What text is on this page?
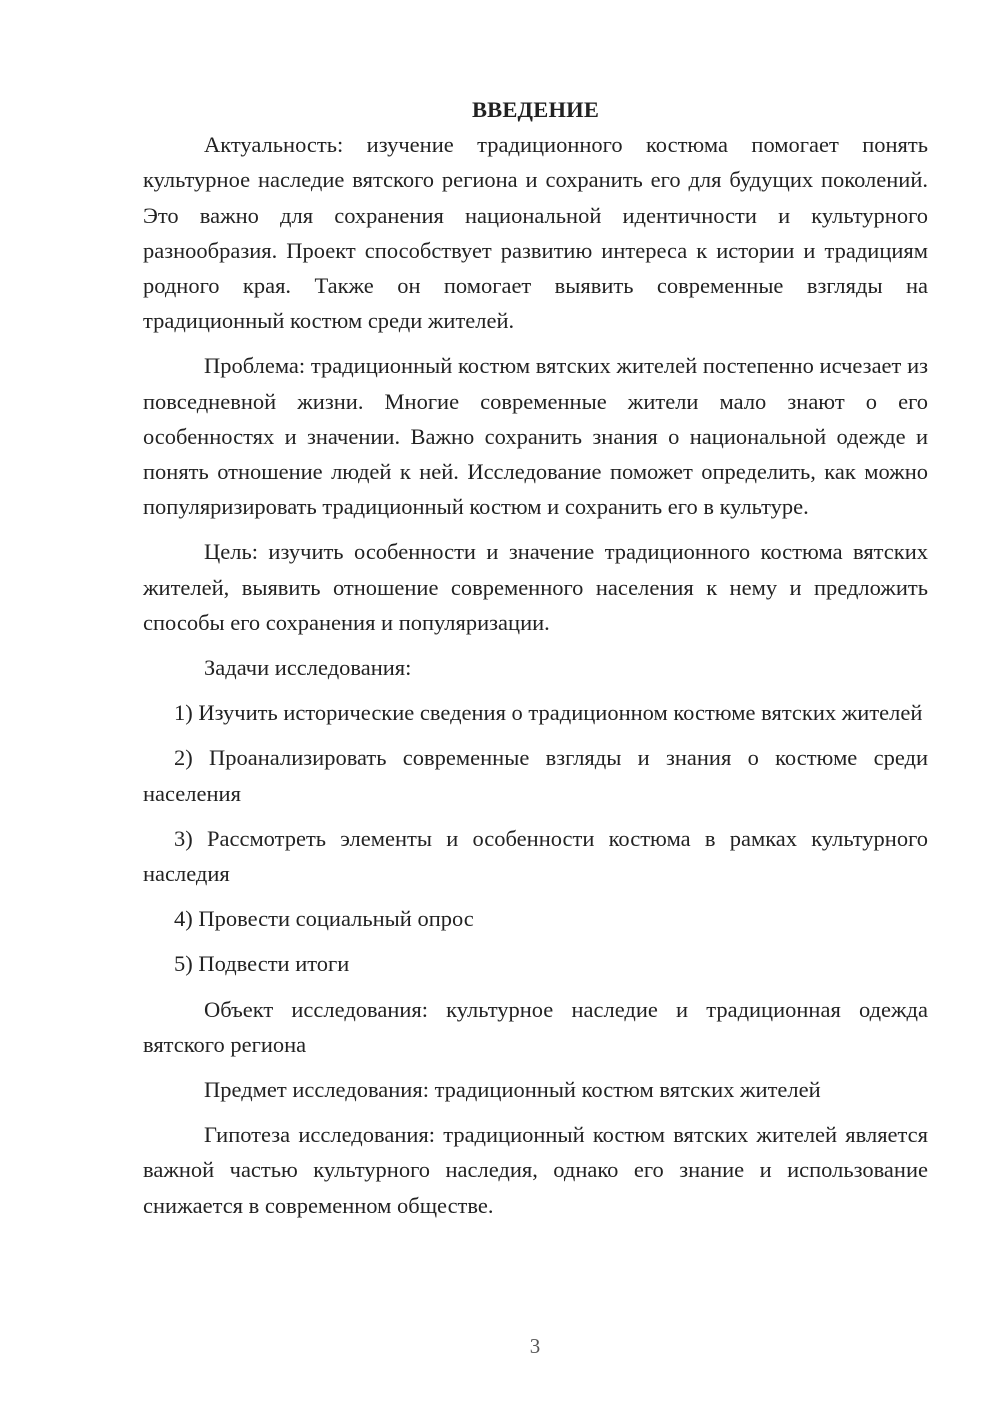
ВВЕДЕНИЕ

Актуальность: изучение традиционного костюма помогает понять культурное наследие вятского региона и сохранить его для будущих поколений. Это важно для сохранения национальной идентичности и культурного разнообразия. Проект способствует развитию интереса к истории и традициям родного края. Также он помогает выявить современные взгляды на традиционный костюм среди жителей.

Проблема: традиционный костюм вятских жителей постепенно исчезает из повседневной жизни. Многие современные жители мало знают о его особенностях и значении. Важно сохранить знания о национальной одежде и понять отношение людей к ней. Исследование поможет определить, как можно популяризировать традиционный костюм и сохранить его в культуре.

Цель: изучить особенности и значение традиционного костюма вятских жителей, выявить отношение современного населения к нему и предложить способы его сохранения и популяризации.

Задачи исследования:

1) Изучить исторические сведения о традиционном костюме вятских жителей

2) Проанализировать современные взгляды и знания о костюме среди населения

3) Рассмотреть элементы и особенности костюма в рамках культурного наследия

4) Провести социальный опрос

5) Подвести итоги

Объект исследования: культурное наследие и традиционная одежда вятского региона

Предмет исследования: традиционный костюм вятских жителей

Гипотеза исследования: традиционный костюм вятских жителей является важной частью культурного наследия, однако его знание и использование снижается в современном обществе.

3
